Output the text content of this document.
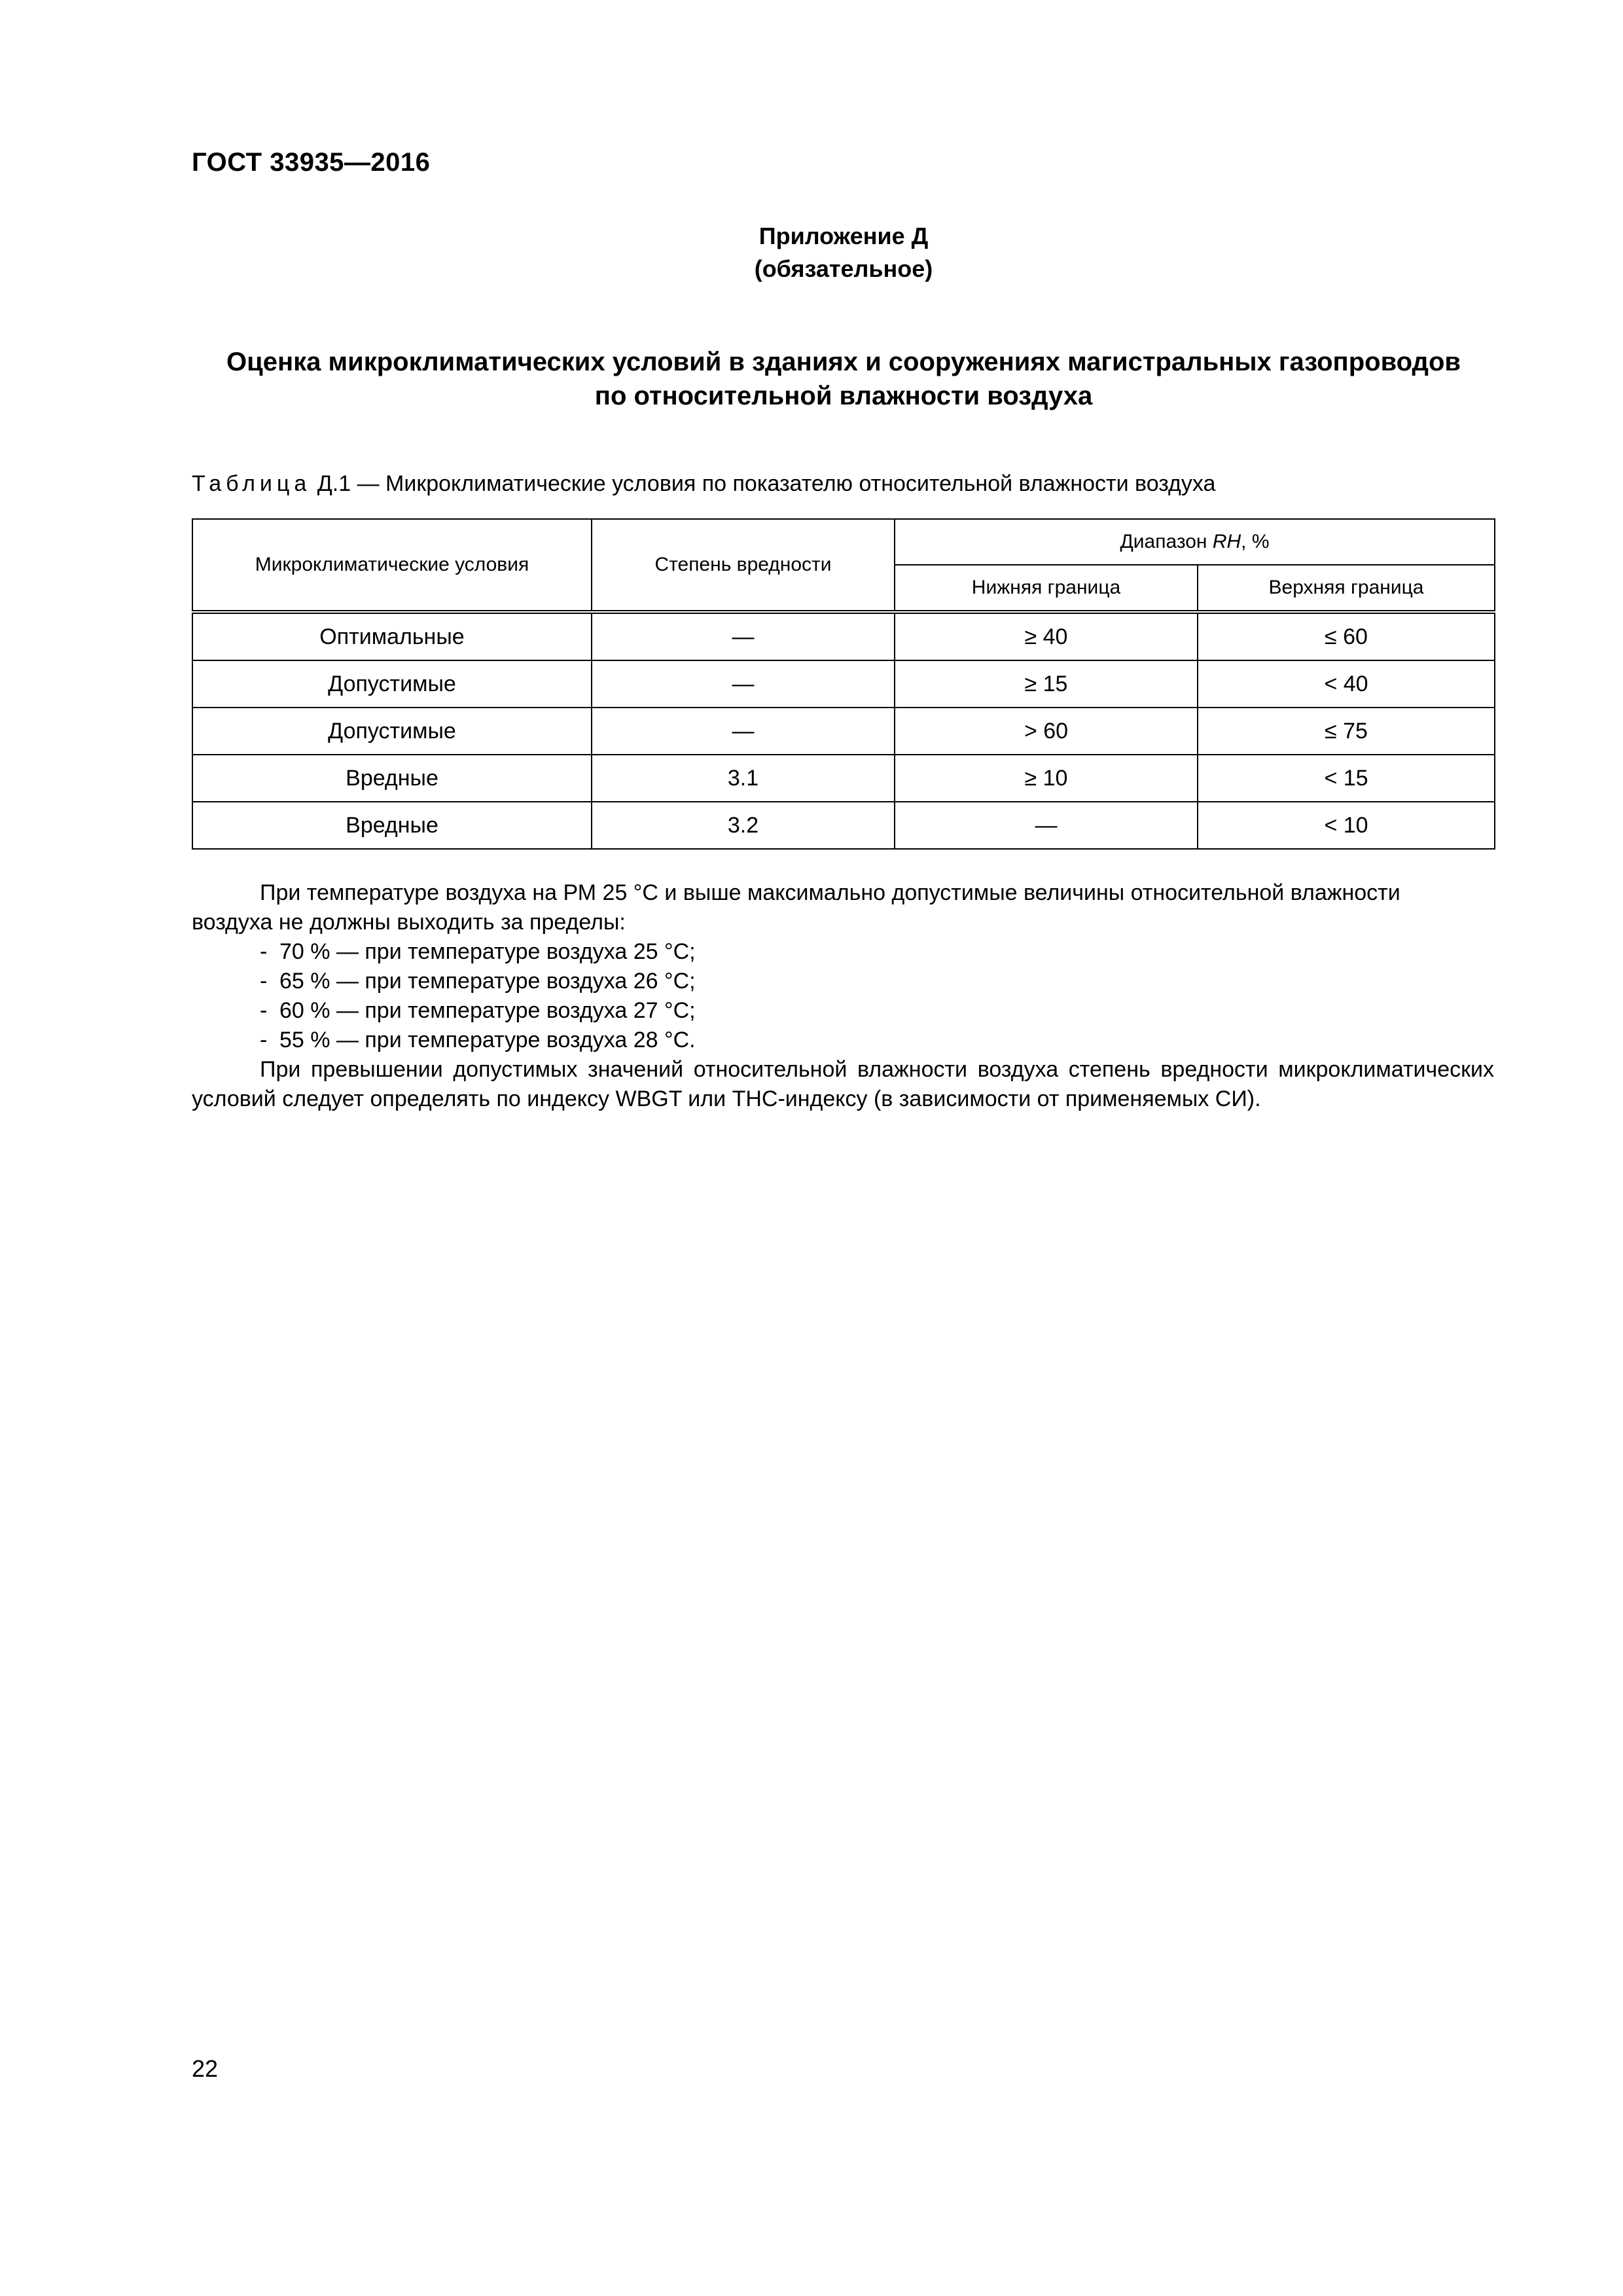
ГОСТ 33935—2016
Приложение Д
(обязательное)
Оценка микроклиматических условий в зданиях и сооружениях магистральных газопроводов
по относительной влажности воздуха
Таблица Д.1 — Микроклиматические условия по показателю относительной влажности воздуха
Микроклиматические условия	Степень вредности	Диапазон RH, %	
		Нижняя граница	Верхняя граница
Оптимальные	—	≥ 40	≤ 60
Допустимые	—	≥ 15	< 40
Допустимые	—	> 60	≤ 75
Вредные	3.1	≥ 10	< 15
Вредные	3.2	—	< 10

При температуре воздуха на РМ 25 °С и выше максимально допустимые величины относительной влажности

воздуха не должны выходить за пределы:

- 70 % — при температуре воздуха 25 °С;

- 65 % — при температуре воздуха 26 °С;

- 60 % — при температуре воздуха 27 °С;

- 55 % — при температуре воздуха 28 °С.

При превышении допустимых значений относительной влажности воздуха степень вредности микроклиматических условий следует определять по индексу WBGT или ТНС-индексу (в зависимости от применяемых СИ).

22
